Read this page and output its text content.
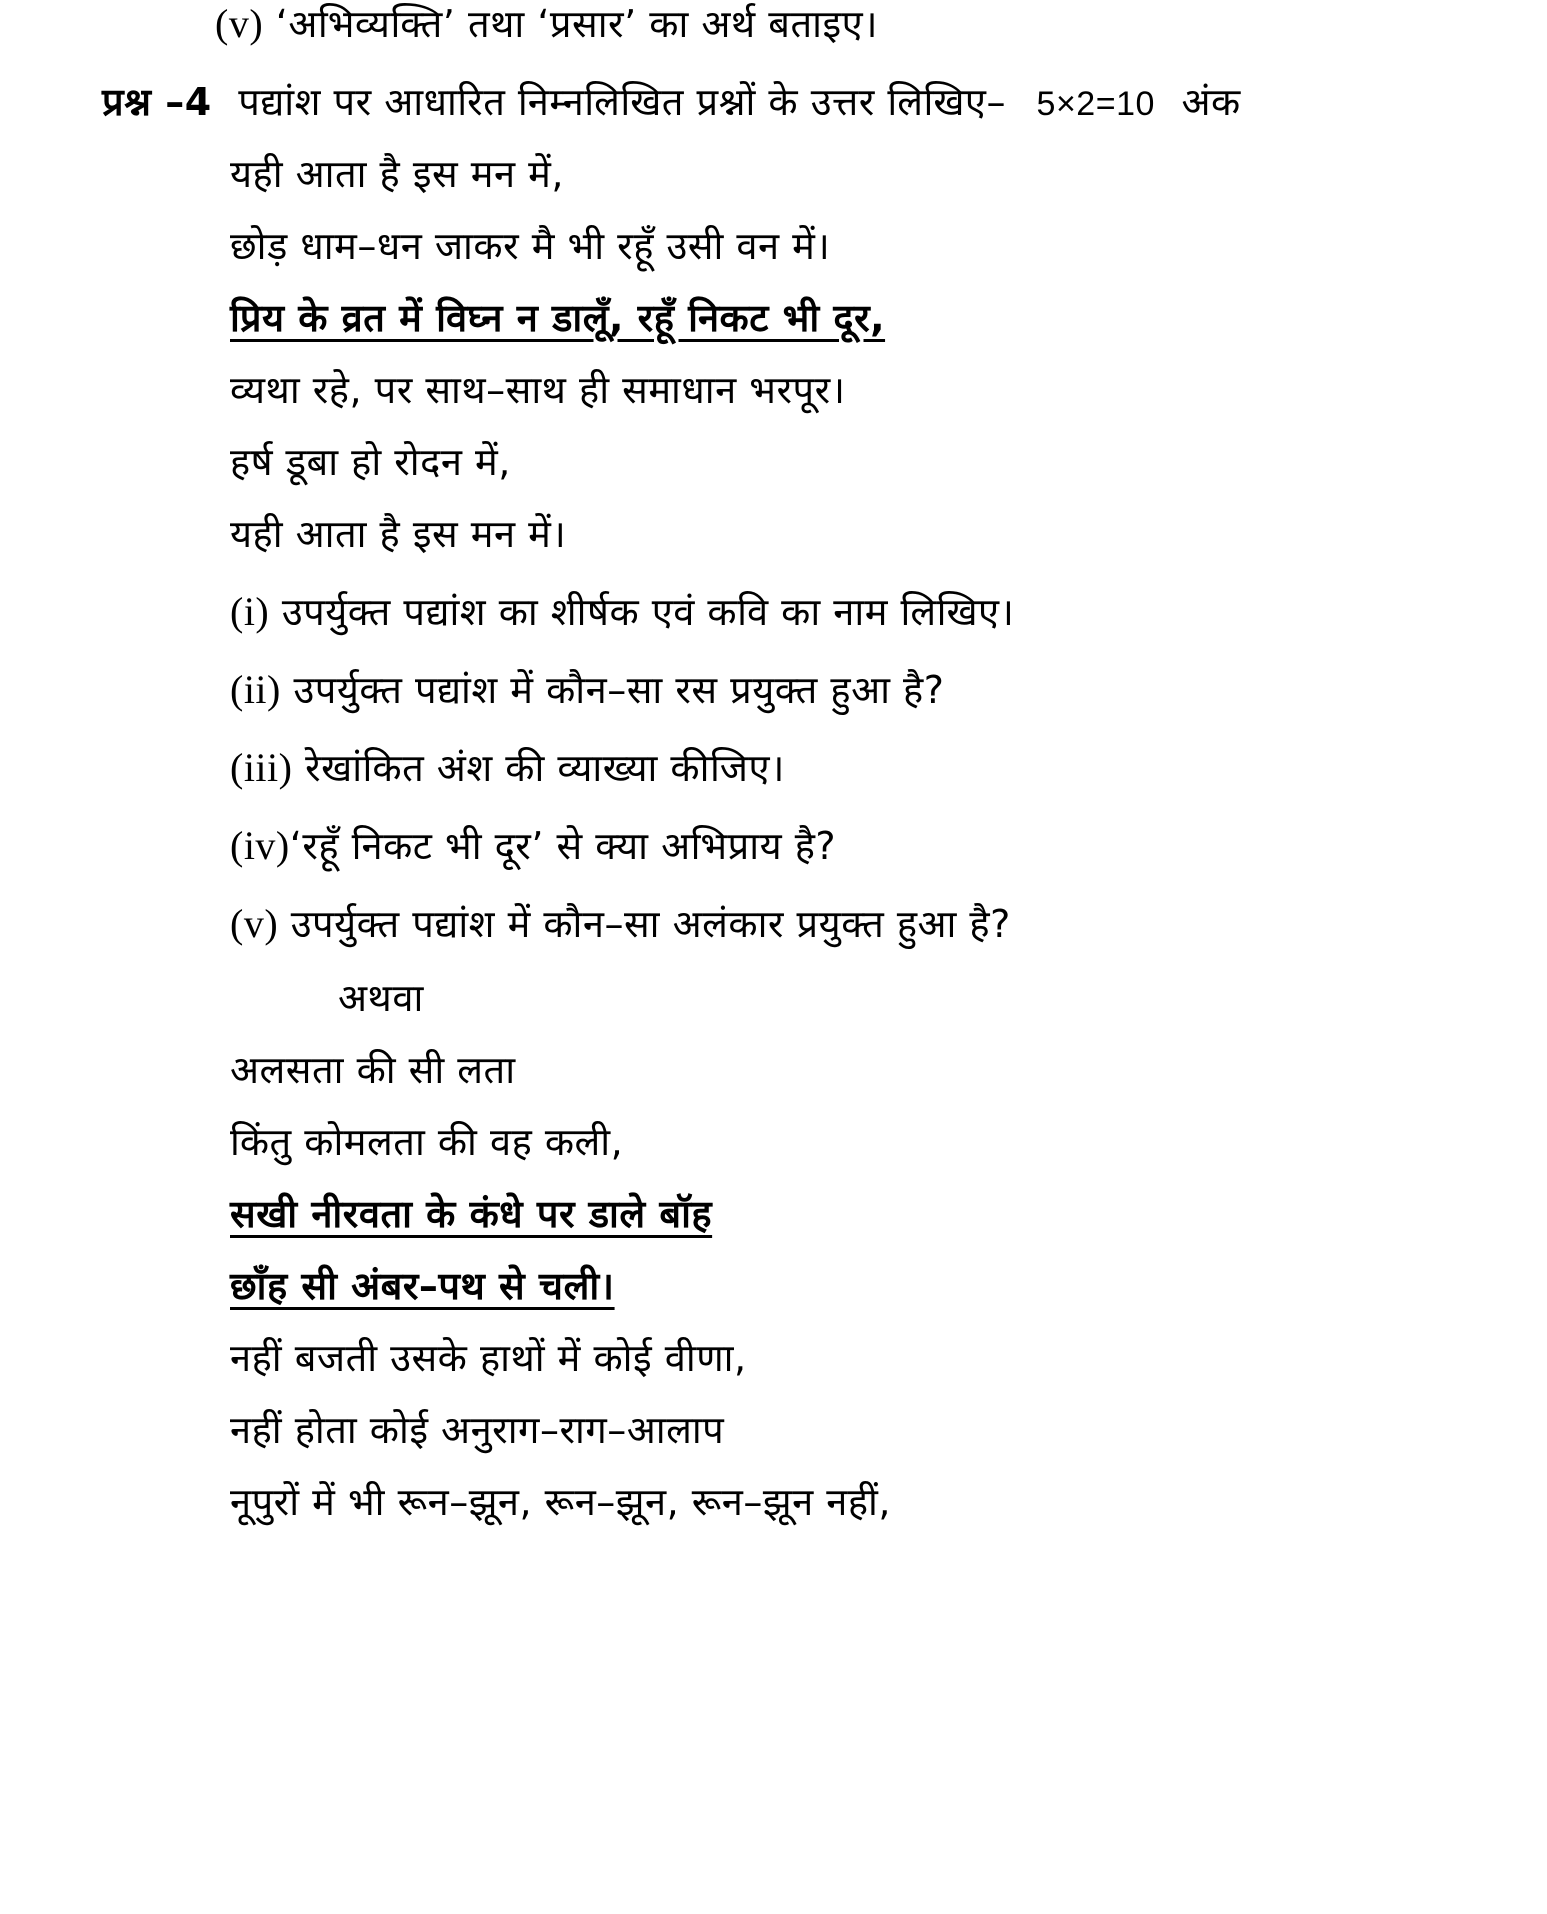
(v) ‘अभिव्यक्ति’ तथा ‘प्रसार’ का अर्थ बताइए।
प्रश्न –4 पद्यांश पर आधारित निम्नलिखित प्रश्नों के उत्तर लिखिए– 5×2=10 अंक
यही आता है इस मन में,
छोड़ धाम–धन जाकर मै भी रहूँ उसी वन में।
प्रिय के व्रत में विघ्न न डालूँ, रहूँ निकट भी दूर,
व्यथा रहे, पर साथ–साथ ही समाधान भरपूर।
हर्ष डूबा हो रोदन में,
यही आता है इस मन में।
(i) उपर्युक्त पद्यांश का शीर्षक एवं कवि का नाम लिखिए।
(ii) उपर्युक्त पद्यांश में कौन–सा रस प्रयुक्त हुआ है?
(iii) रेखांकित अंश की व्याख्या कीजिए।
(iv)‘रहूँ निकट भी दूर’ से क्या अभिप्राय है?
(v) उपर्युक्त पद्यांश में कौन–सा अलंकार प्रयुक्त हुआ है?
अथवा
अलसता की सी लता
किंतु कोमलता की वह कली,
सखी नीरवता के कंधे पर डाले बॉह
छाँह सी अंबर–पथ से चली।
नहीं बजती उसके हाथों में कोई वीणा,
नहीं होता कोई अनुराग–राग–आलाप
नूपुरों में भी रून–झून, रून–झून, रून–झून नहीं,
